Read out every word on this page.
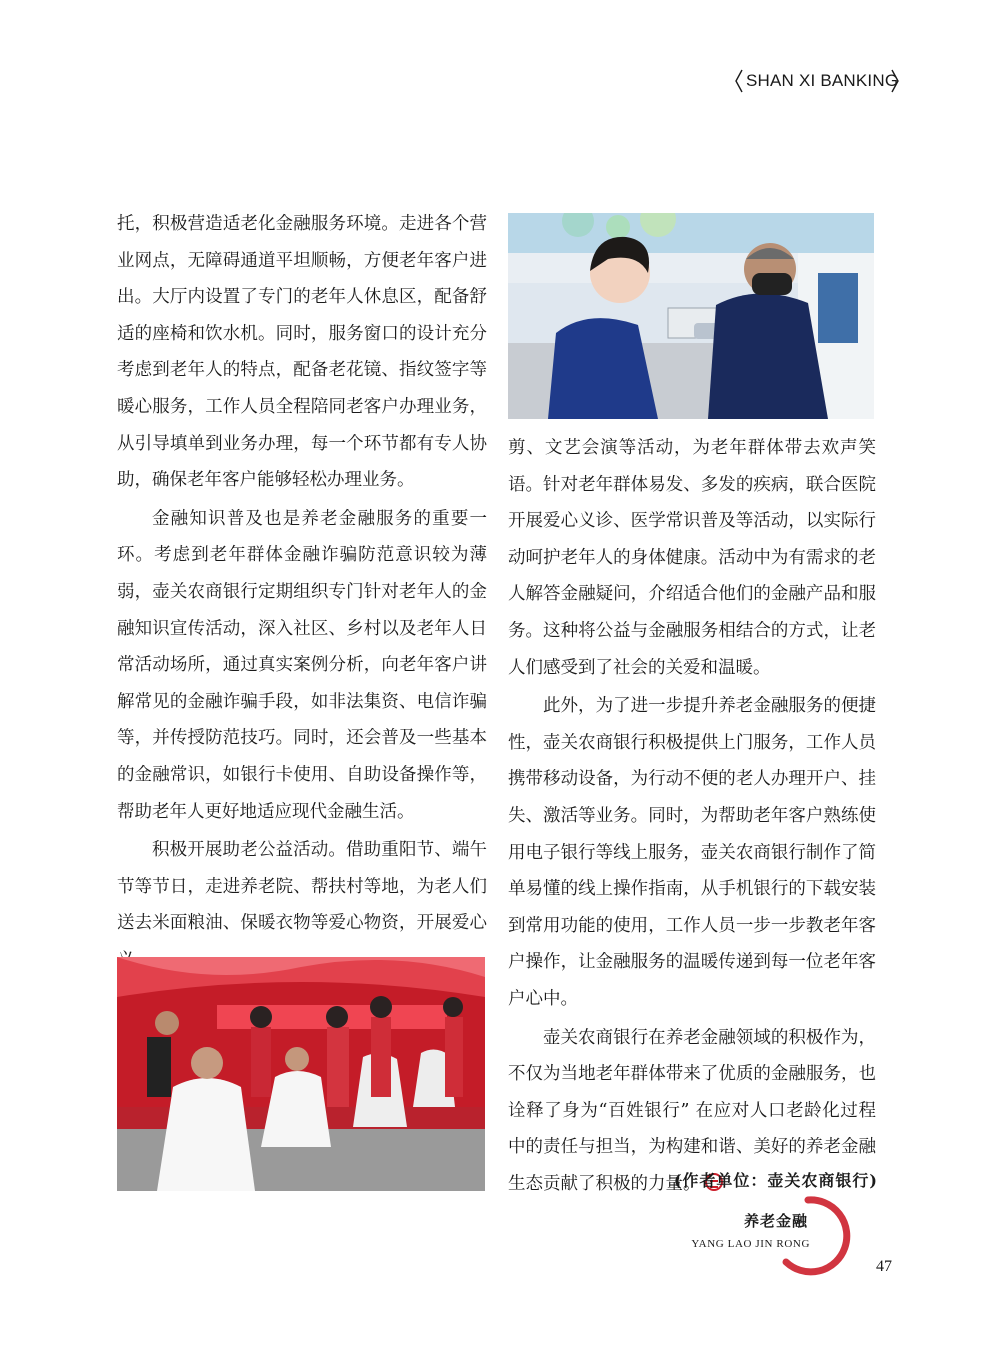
SHAN XI BANKING

托，积极营造适老化金融服务环境。走进各个营业网点，无障碍通道平坦顺畅，方便老年客户进出。大厅内设置了专门的老年人休息区，配备舒适的座椅和饮水机。同时，服务窗口的设计充分考虑到老年人的特点，配备老花镜、指纹签字等暖心服务，工作人员全程陪同老客户办理业务，从引导填单到业务办理，每一个环节都有专人协助，确保老年客户能够轻松办理业务。

金融知识普及也是养老金融服务的重要一环。考虑到老年群体金融诈骗防范意识较为薄弱，壶关农商银行定期组织专门针对老年人的金融知识宣传活动，深入社区、乡村以及老年人日常活动场所，通过真实案例分析，向老年客户讲解常见的金融诈骗手段，如非法集资、电信诈骗等，并传授防范技巧。同时，还会普及一些基本的金融常识，如银行卡使用、自助设备操作等，帮助老年人更好地适应现代金融生活。

积极开展助老公益活动。借助重阳节、端午节等节日，走进养老院、帮扶村等地，为老人们送去米面粮油、保暖衣物等爱心物资，开展爱心

剪、文艺会演等活动，为老年群体带去欢声笑语。针对老年群体易发、多发的疾病，联合医院开展爱心义诊、医学常识普及等活动，以实际行动呵护老年人的身体健康。活动中为有需求的老人解答金融疑问，介绍适合他们的金融产品和服务。这种将公益与金融服务相结合的方式，让老人们感受到了社会的关爱和温暖。

此外，为了进一步提升养老金融服务的便捷性，壶关农商银行积极提供上门服务，工作人员携带移动设备，为行动不便的老人办理开户、挂失、激活等业务。同时，为帮助老年客户熟练使用电子银行等线上服务，壶关农商银行制作了简单易懂的线上操作指南，从手机银行的下载安装到常用功能的使用，工作人员一步一步教老年客户操作，让金融服务的温暖传递到每一位老年客户心中。

壶关农商银行在养老金融领域的积极作为，不仅为当地老年群体带来了优质的金融服务，也诠释了身为“百姓银行” 在应对人口老龄化过程中的责任与担当，为构建和谐、美好的养老金融生态贡献了积极的力量。

(作者单位：壶关农商银行)
养老金融
YANG LAO JIN RONG
47
